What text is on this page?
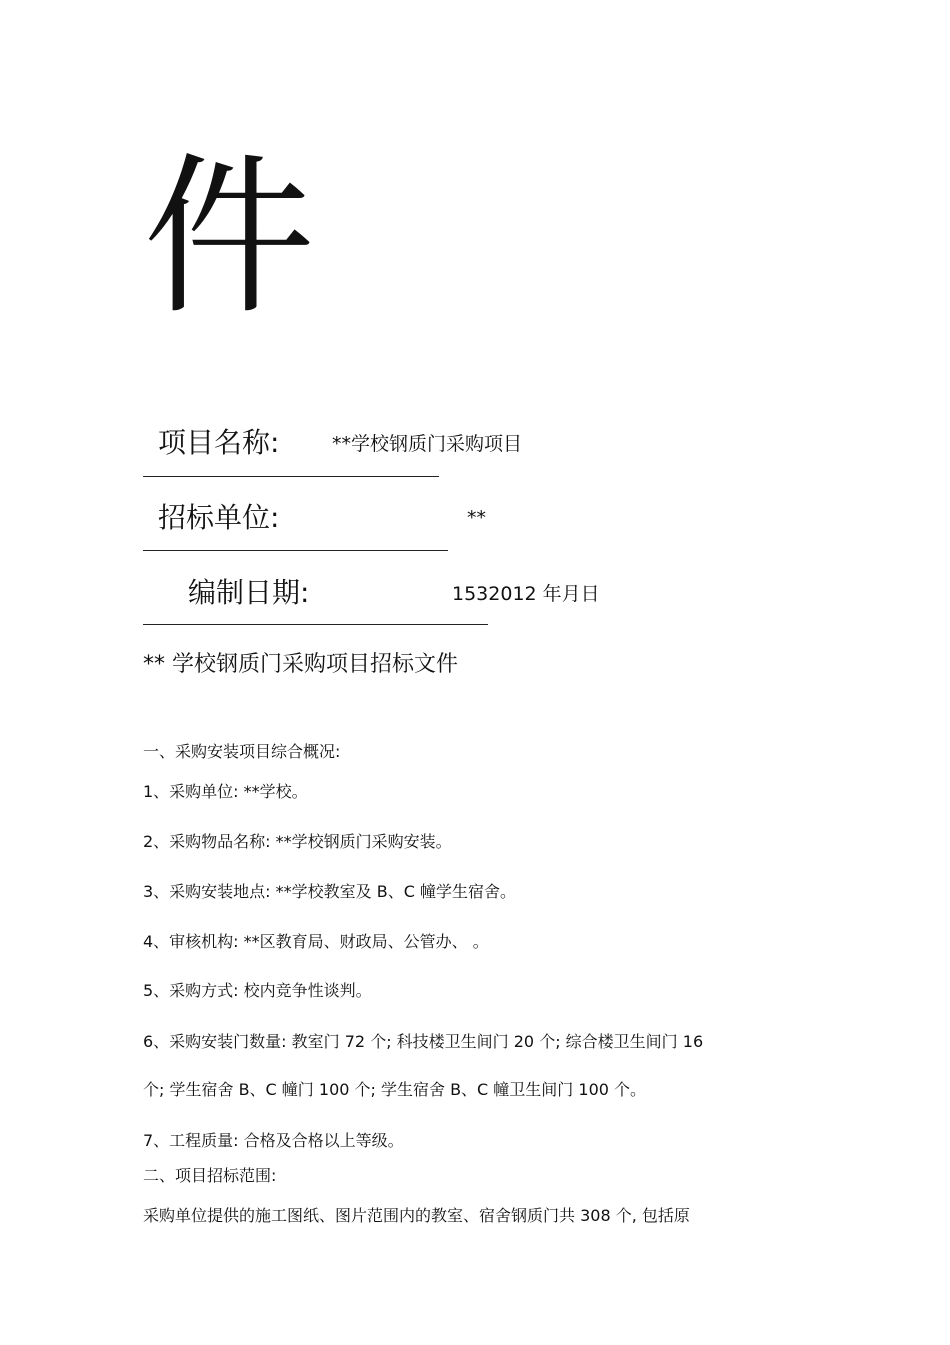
件
项目名称:	**学校钢质门采购项目
招标单位:	**
编制日期:	1532012 年月日
** 学校钢质门采购项目招标文件
一、采购安装项目综合概况:
1、采购单位: **学校。
2、采购物品名称: **学校钢质门采购安装。
3、采购安装地点: **学校教室及 B、C 幢学生宿舍。
4、审核机构: **区教育局、财政局、公管办、 。
5、采购方式: 校内竞争性谈判。
6、采购安装门数量: 教室门 72 个; 科技楼卫生间门 20 个; 综合楼卫生间门 16
个; 学生宿舍 B、C 幢门 100 个; 学生宿舍 B、C 幢卫生间门 100 个。
7、工程质量: 合格及合格以上等级。
二、项目招标范围:
采购单位提供的施工图纸、图片范围内的教室、宿舍钢质门共 308 个, 包括原
